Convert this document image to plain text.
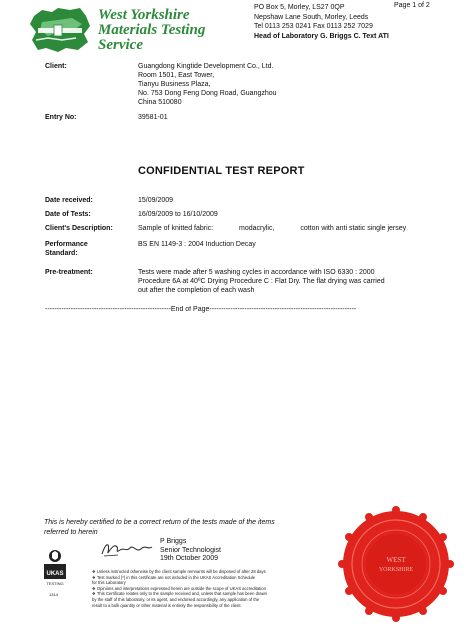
West Yorkshire
Materials Testing
Service
PO Box 5, Morley, LS27 0QP
Nepshaw Lane South, Morley, Leeds
Tel 0113 253 0241 Fax 0113 252 7029
Head of Laboratory G. Briggs C. Text ATI
Page 1 of 2
Client:	Guangdong Kingtide Development Co., Ltd.
Room 1501, East Tower,
Tianyu Business Plaza,
No. 753 Dong Feng Dong Road, Guangzhou
China 510080
Entry No:	39581-01
CONFIDENTIAL TEST REPORT
Date received:	15/09/2009
Date of Tests:	16/09/2009 to 16/10/2009
Client's Description:	Sample of knitted fabric:	modacrylic,	cotton with anti static single jersey
Performance
Standard:
BS EN 1149-3 : 2004 Induction Decay
Pre-treatment:	Tests were made after 5 washing cycles in accordance with ISO 6330 : 2000
Procedure 6A at 40ºC Drying Procedure C : Flat Dry. The flat drying was carried
out after the completion of each wash
------------------------------------------------------End of Page---------------------------------------------------------------
This is hereby certified to be a correct return of the tests made of the items
referred to herein
P Briggs
Senior Technologist
19th October 2009
UKAS
TESTING
1314
❖ Unless instructed otherwise by the client sample remnants will be disposed of after 28 days
❖ Test marked (*) in this certificate are not included in the UKAS Accreditation Schedule
for this Laboratory
❖ Opinions and interpretations expressed herein are outside the scope of UKAS accreditation
❖ This Certificate relates only to the sample received and, unless that sample has been drawn
by the staff of this laboratory, or its agent, and endorsed accordingly, any application of the
result to a bulk quantity or other material is entirely the responsibility of the client.
WEST
YORKSHIRE
